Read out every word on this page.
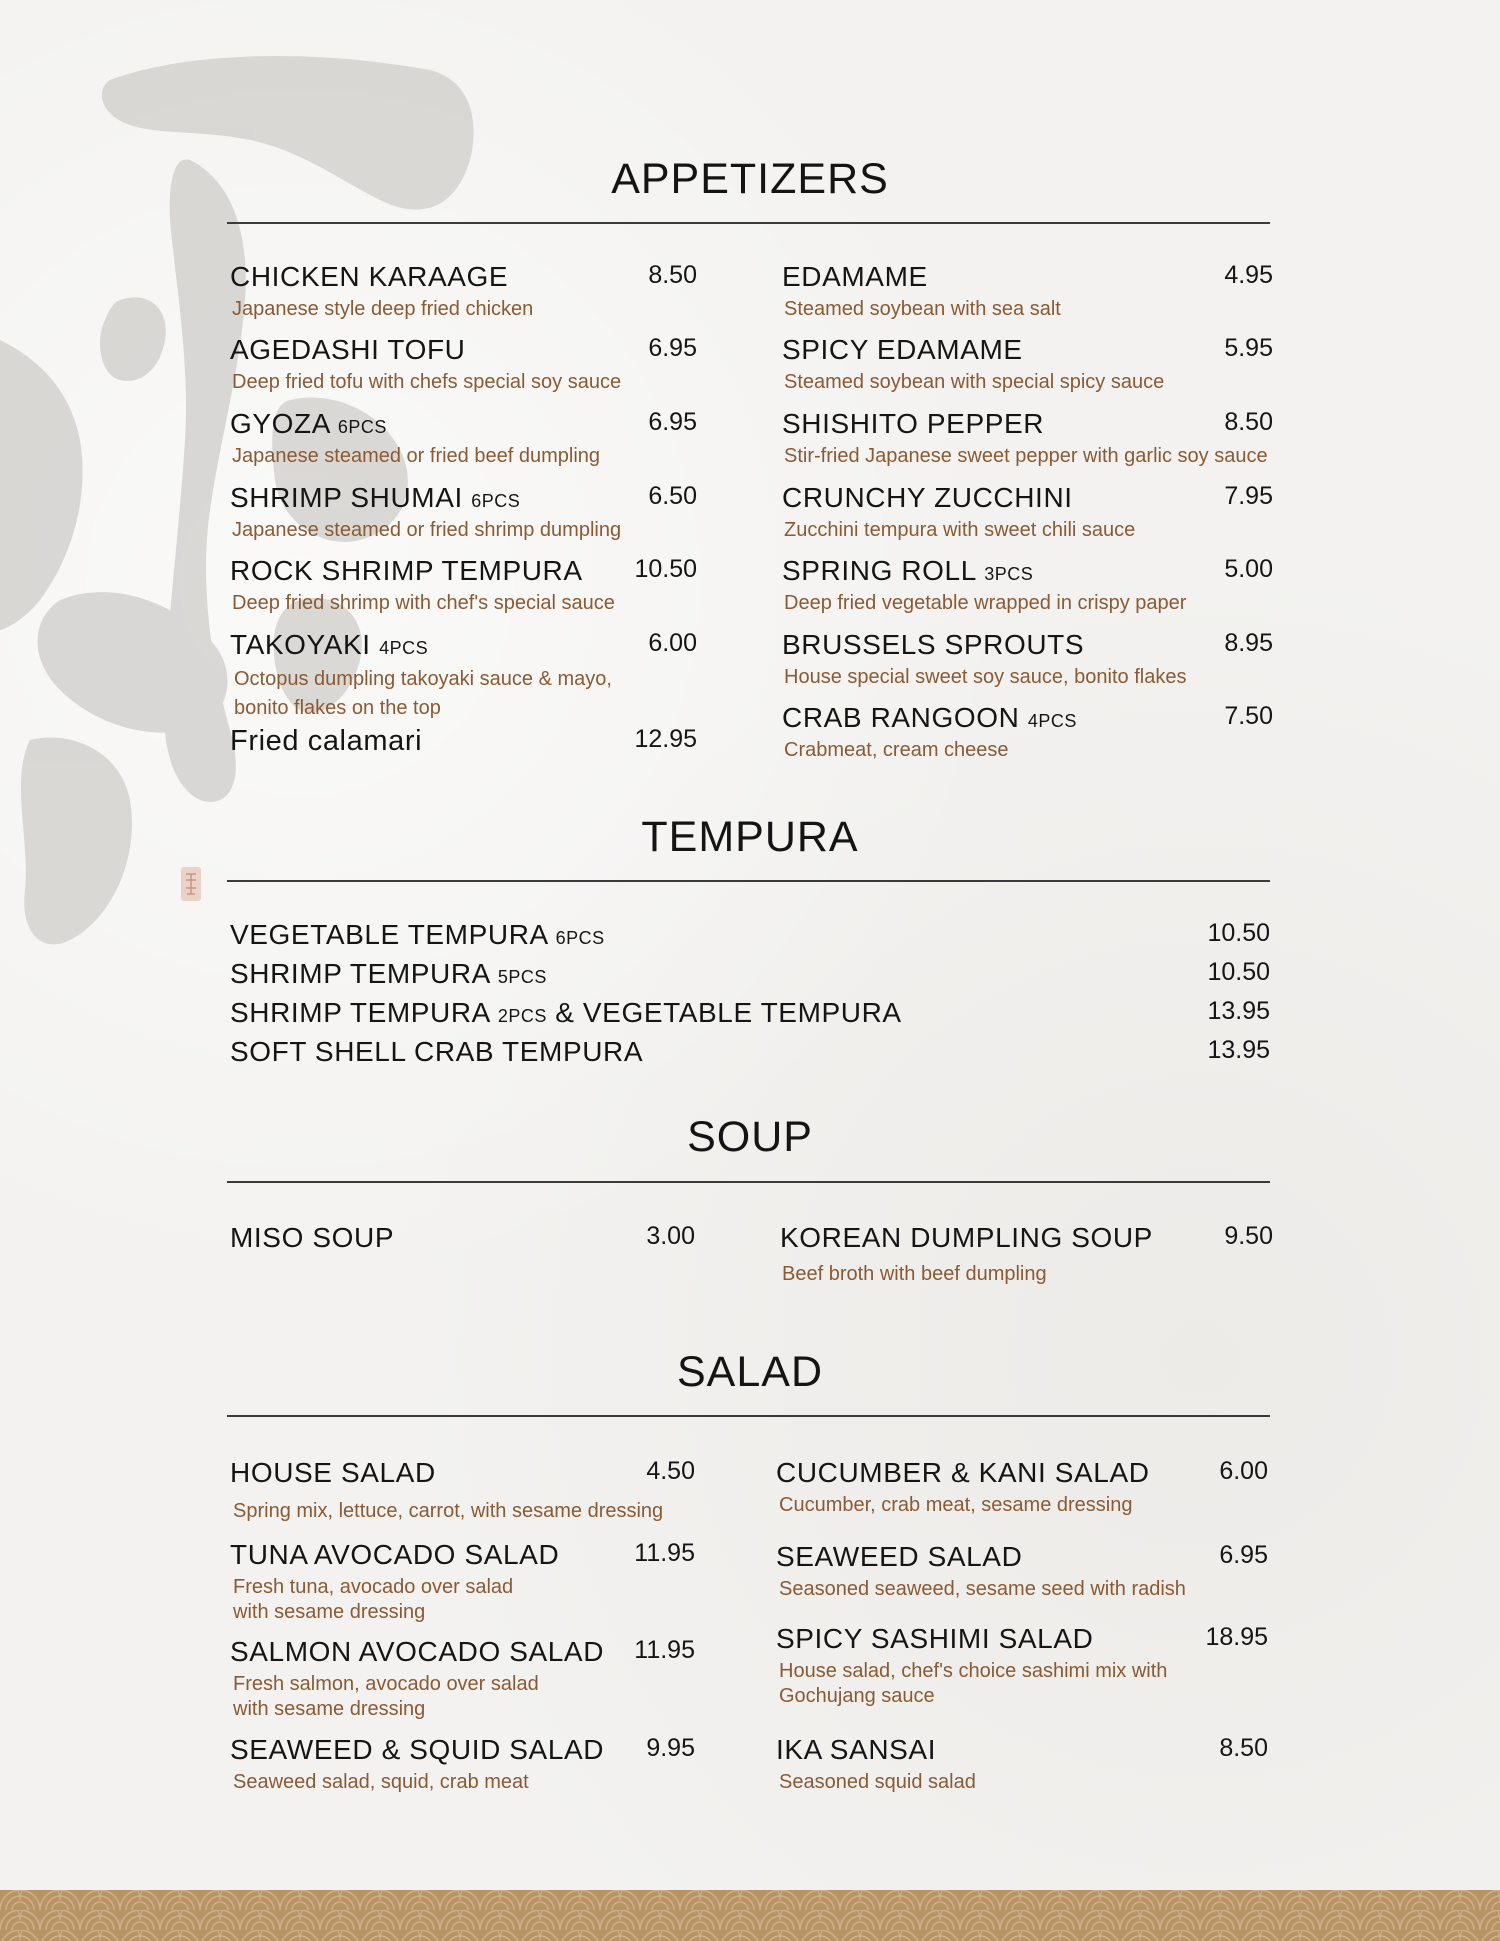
APPETIZERS
CHICKEN KARAAGE	8.50
Japanese style deep fried chicken
AGEDASHI TOFU	6.95
Deep fried tofu with chefs special soy sauce
GYOZA 6PCS	6.95
Japanese steamed or fried beef dumpling
SHRIMP SHUMAI 6PCS	6.50
Japanese steamed or fried shrimp dumpling
ROCK SHRIMP TEMPURA 10.50
Deep fried shrimp with chef's special sauce
TAKOYAKI 4PCS	6.00
Octopus dumpling takoyaki sauce & mayo,
bonito flakes on the top
Fried calamari	12.95
EDAMAME	4.95
Steamed soybean with sea salt
SPICY EDAMAME	5.95
Steamed soybean with special spicy sauce
SHISHITO PEPPER	8.50
Stir-fried Japanese sweet pepper with garlic soy sauce
CRUNCHY ZUCCHINI	7.95
Zucchini tempura with sweet chili sauce
SPRING ROLL 3PCS	5.00
Deep fried vegetable wrapped in crispy paper
BRUSSELS SPROUTS	8.95
House special sweet soy sauce, bonito flakes
CRAB RANGOON 4PCS	7.50
Crabmeat, cream cheese
TEMPURA
VEGETABLE TEMPURA 6PCS	10.50
SHRIMP TEMPURA 5PCS	10.50
SHRIMP TEMPURA 2PCS & VEGETABLE TEMPURA	13.95
SOFT SHELL CRAB TEMPURA	13.95
SOUP
MISO SOUP	3.00	KOREAN DUMPLING SOUP	9.50
Beef broth with beef dumpling
SALAD
HOUSE SALAD	4.50
Spring mix, lettuce, carrot, with sesame dressing
TUNA AVOCADO SALAD	11.95
Fresh tuna, avocado over salad
with sesame dressing
SALMON AVOCADO SALAD 11.95
Fresh salmon, avocado over salad
with sesame dressing
SEAWEED & SQUID SALAD 9.95
Seaweed salad, squid, crab meat
CUCUMBER & KANI SALAD	6.00
Cucumber, crab meat, sesame dressing
SEAWEED SALAD	6.95
Seasoned seaweed, sesame seed with radish
SPICY SASHIMI SALAD	18.95
House salad, chef's choice sashimi mix with
Gochujang sauce
IKA SANSAI	8.50
Seasoned squid salad
